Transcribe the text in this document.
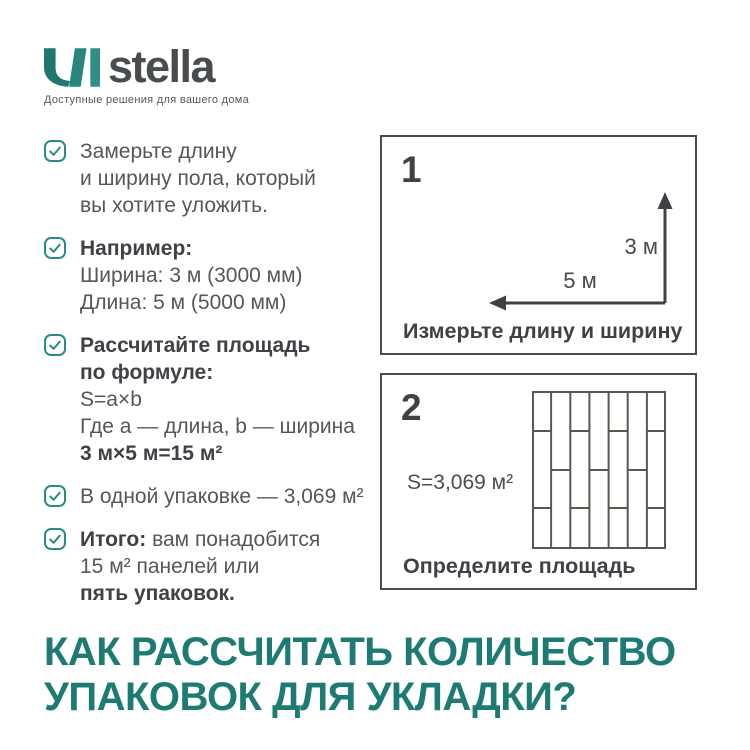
stella
Доступные решения для вашего дома
Замерьте длину
и ширину пола, который
вы хотите уложить.
Например:
Ширина: 3 м (3000 мм)
Длина: 5 м (5000 мм)
Рассчитайте площадь
по формуле:
S=a×b
Где a — длина, b — ширина
3 м×5 м=15 м²
В одной упаковке — 3,069 м²
Итого: вам понадобится
15 м² панелей или
пять упаковок.
1
3 м
5 м
Измерьте длину и ширину
2
S=3,069 м²
Определите площадь
КАК РАССЧИТАТЬ КОЛИЧЕСТВО
УПАКОВОК ДЛЯ УКЛАДКИ?
